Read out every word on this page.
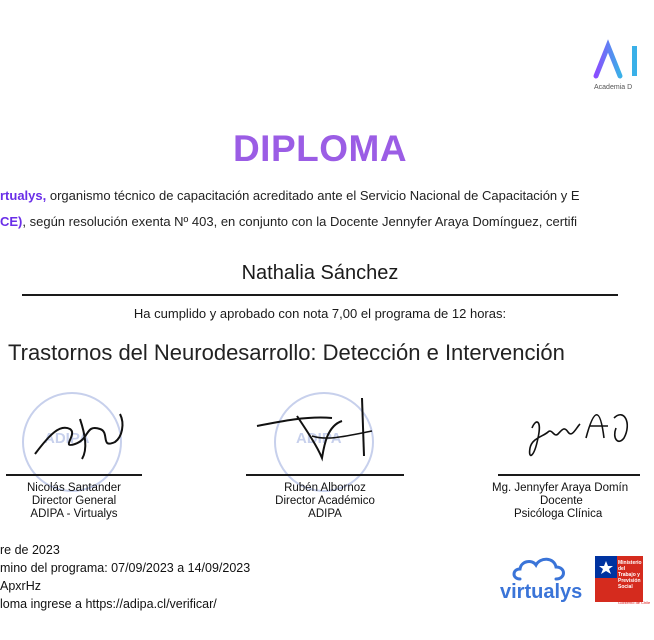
Academia D
DIPLOMA
rtualys, organismo técnico de capacitación acreditado ante el Servicio Nacional de Capacitación y E
CE), según resolución exenta Nº 403, en conjunto con la Docente Jennyfer Araya Domínguez, certifi
Nathalia Sánchez
Ha cumplido y aprobado con nota 7,00 el programa de 12 horas:
Trastornos del Neurodesarrollo: Detección e Intervención
ADIPA
Nicolás Santander
Director General
ADIPA - Virtualys
ADIPA
Rubén Albornoz
Director Académico
ADIPA
Mg. Jennyfer Araya Domín
Docente
Psicóloga Clínica
re de 2023
mino del programa: 07/09/2023 a 14/09/2023
ApxrHz
loma ingrese a https://adipa.cl/verificar/
virtualys
Ministerio del Trabajo y Previsión Social
Gobierno de Chile
